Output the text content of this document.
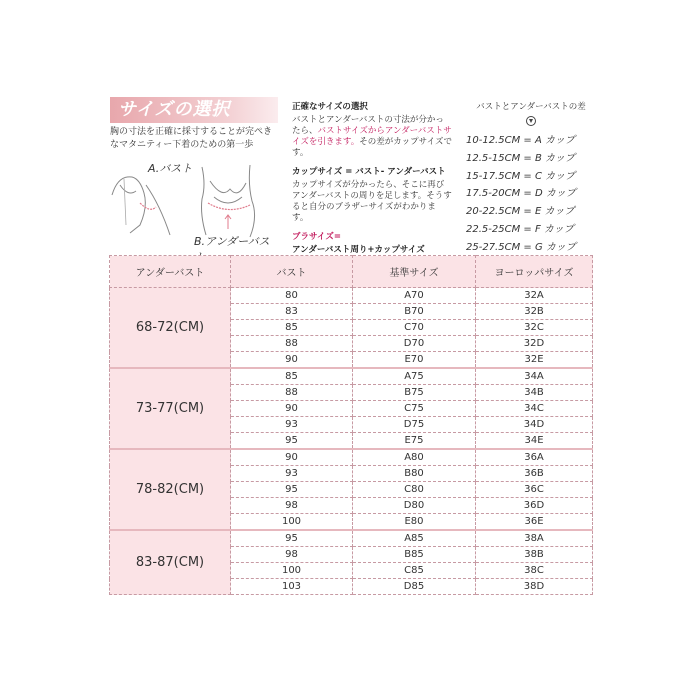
サイズの選択
胸の寸法を正確に採寸することが完ぺきなマタニティー下着のための第一歩
A.バスト
B.アンダーバス
正確なサイズの選択
バストとアンダーバストの寸法が分かったら、バストサイズからアンダーバストサイズを引きます。その差がカップサイズです。
カップサイズ = バスト- アンダーバスト
カップサイズが分かったら、そこに再びアンダーバストの周りを足します。そうすると自分のブラザーサイズがわかります。
ブラサイズ=
アンダーバスト周り+カップサイズ
バストとアンダーバストの差
10-12.5CM = A カップ
12.5-15CM = B カップ
15-17.5CM = C カップ
17.5-20CM = D カップ
20-22.5CM = E カップ
22.5-25CM = F カップ
25-27.5CM = G カップ
アンダーバスト	バスト	基準サイズ	ヨーロッパサイズ
68-72(CM)	80	A70	32A
	83	B70	32B
	85	C70	32C
	88	D70	32D
	90	E70	32E
73-77(CM)	85	A75	34A
	88	B75	34B
	90	C75	34C
	93	D75	34D
	95	E75	34E
78-82(CM)	90	A80	36A
	93	B80	36B
	95	C80	36C
	98	D80	36D
	100	E80	36E
83-87(CM)	95	A85	38A
	98	B85	38B
	100	C85	38C
	103	D85	38D
